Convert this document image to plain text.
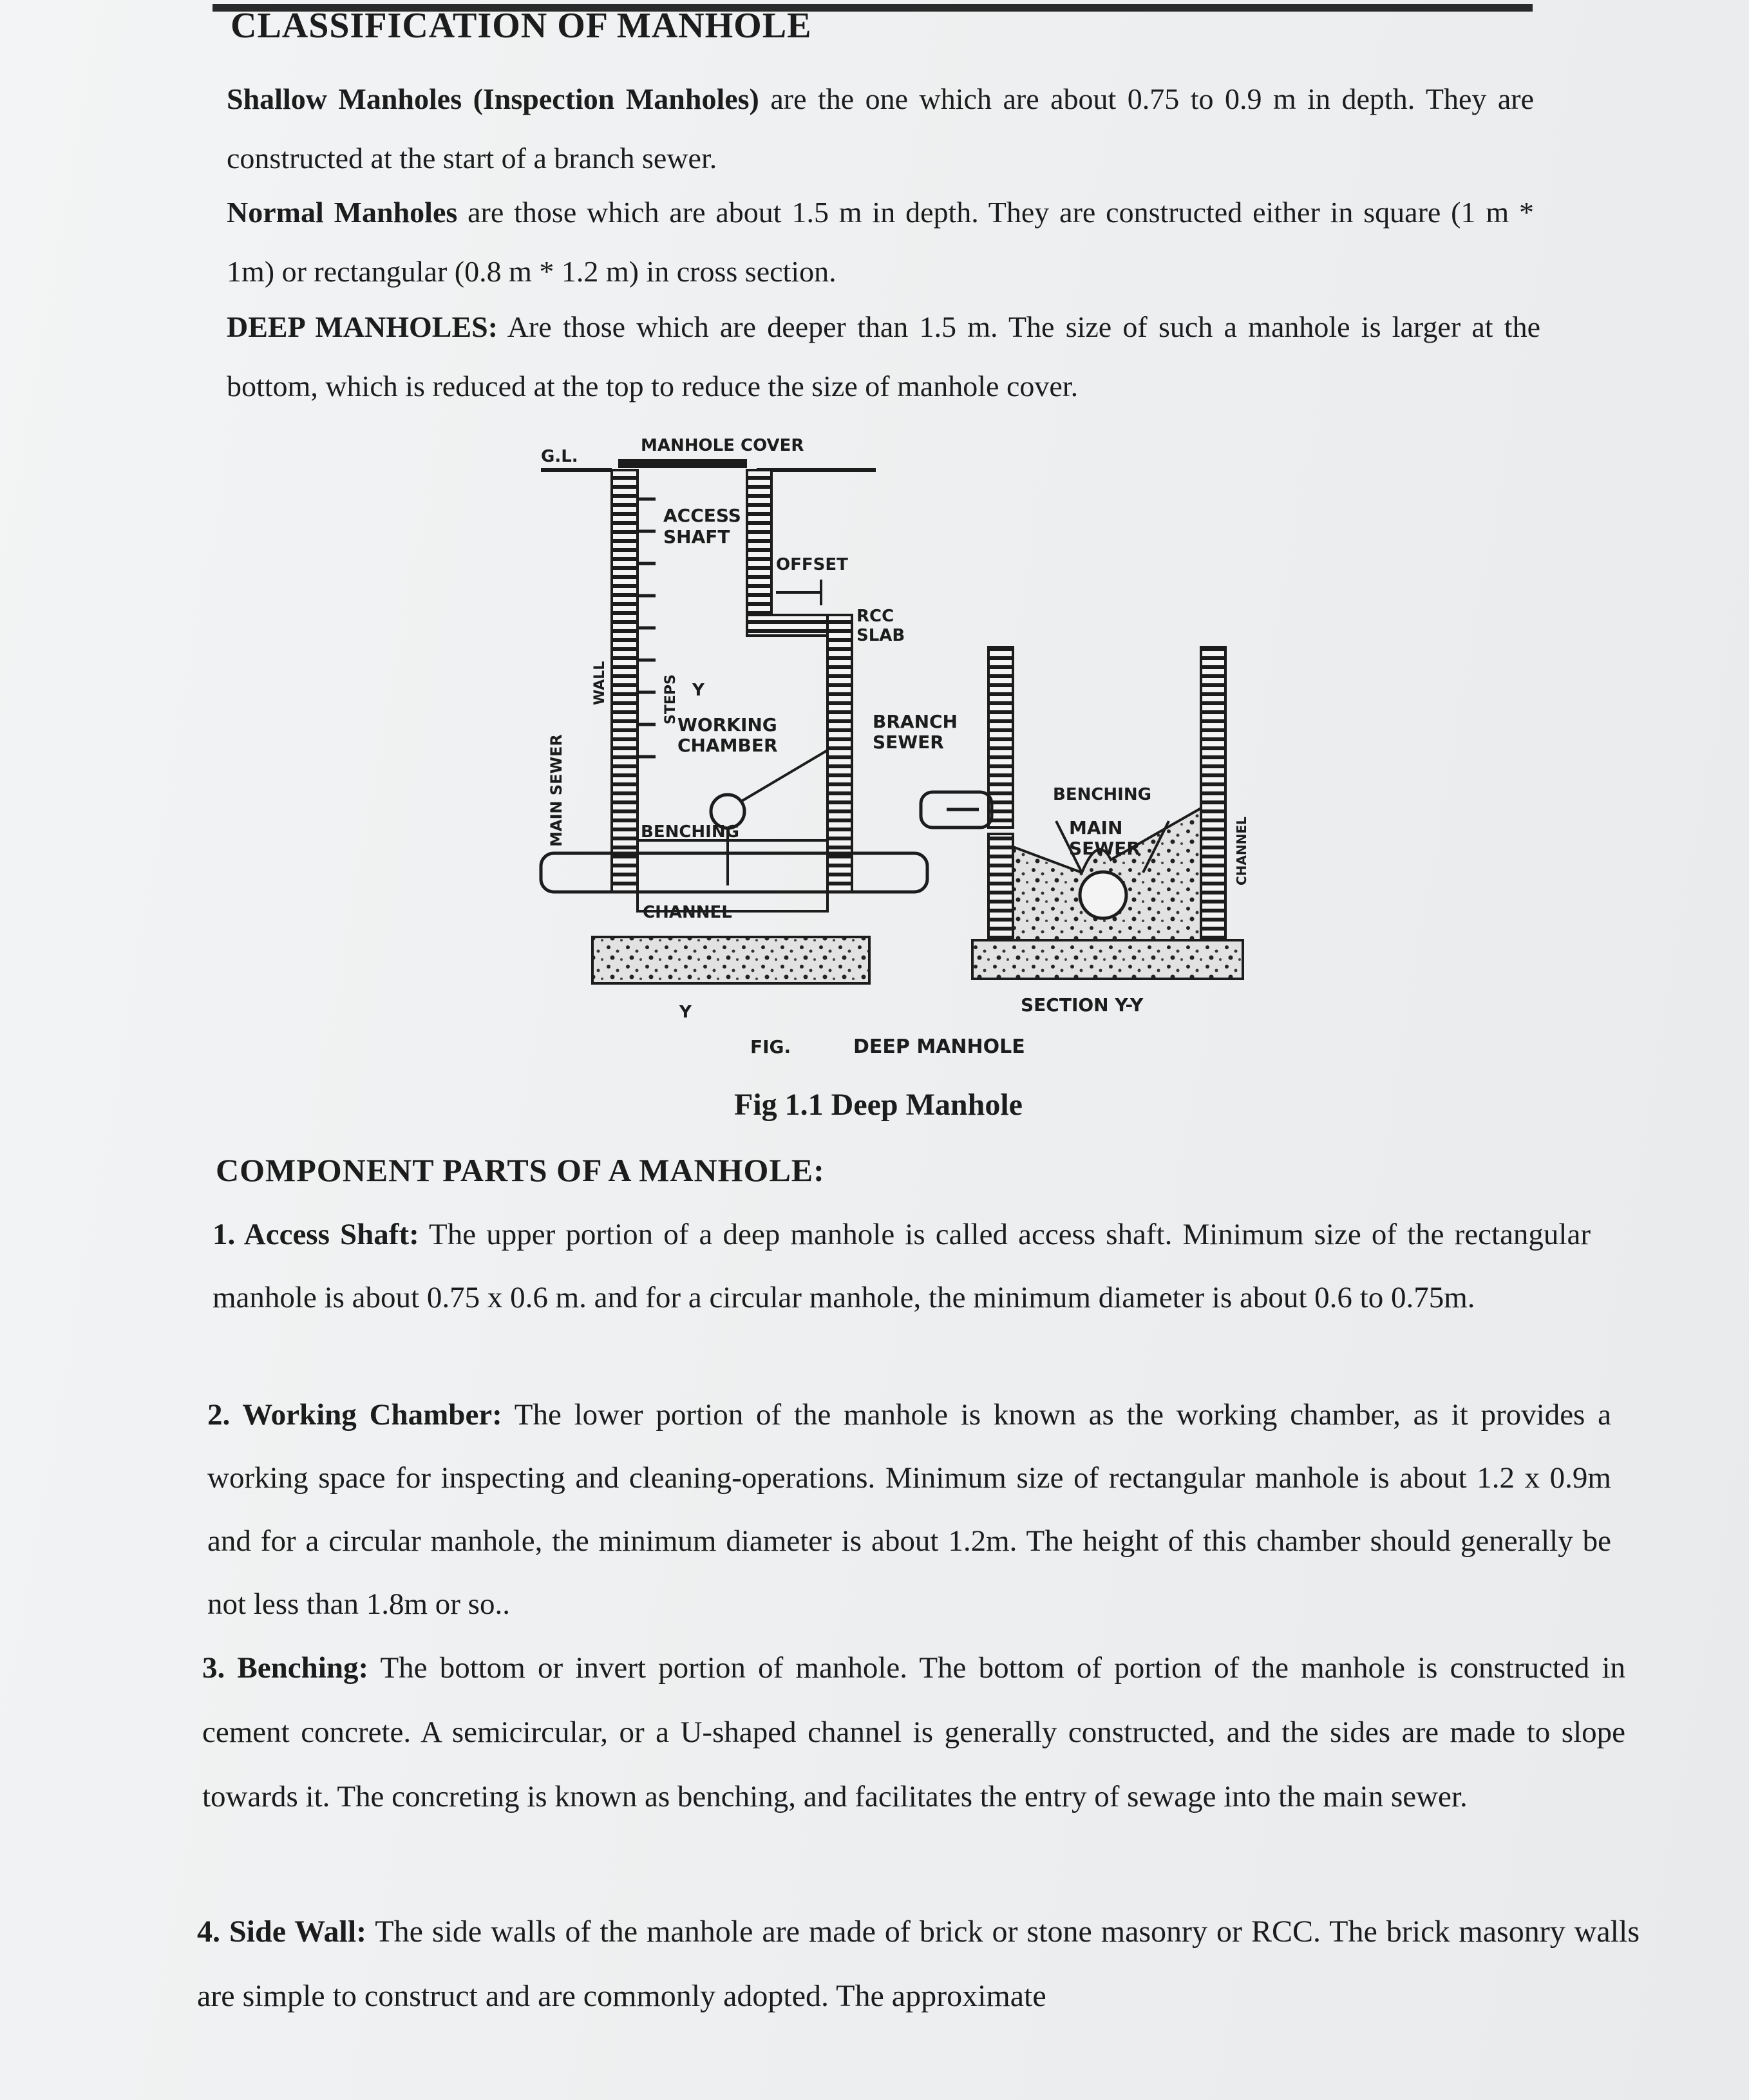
CLASSIFICATION OF MANHOLE

Shallow Manholes (Inspection Manholes) are the one which are about 0.75 to 0.9 m in depth. They are constructed at the start of a branch sewer.

Normal Manholes are those which are about 1.5 m in depth. They are constructed either in square (1 m * 1m) or rectangular (0.8 m * 1.2 m) in cross section.

DEEP MANHOLES: Are those which are deeper than 1.5 m. The size of such a manhole is larger at the bottom, which is reduced at the top to reduce the size of manhole cover.

G.L.
MANHOLE COVER
ACCESS
SHAFT
OFFSET
RCC
SLAB
STEPS
WALL
MAIN SEWER
Y
WORKING
CHAMBER
BRANCH
SEWER
BENCHING
CHANNEL
Y
BENCHING
MAIN
SEWER	CHANNEL
SECTION Y-Y
FIG.	DEEP MANHOLE

Fig 1.1 Deep Manhole

COMPONENT PARTS OF A MANHOLE:

1. Access Shaft: The upper portion of a deep manhole is called access shaft. Minimum size of the rectangular manhole is about 0.75 x 0.6 m. and for a circular manhole, the minimum diameter is about 0.6 to 0.75m.

2. Working Chamber: The lower portion of the manhole is known as the working chamber, as it provides a working space for inspecting and cleaning-operations. Minimum size of rectangular manhole is about 1.2 x 0.9m and for a circular manhole, the minimum diameter is about 1.2m. The height of this chamber should generally be not less than 1.8m or so..

3. Benching: The bottom or invert portion of manhole. The bottom of portion of the manhole is constructed in cement concrete. A semicircular, or a U-shaped channel is generally constructed, and the sides are made to slope towards it. The concreting is known as benching, and facilitates the entry of sewage into the main sewer.

4. Side Wall: The side walls of the manhole are made of brick or stone masonry or RCC. The brick masonry walls are simple to construct and are commonly adopted. The approximate
